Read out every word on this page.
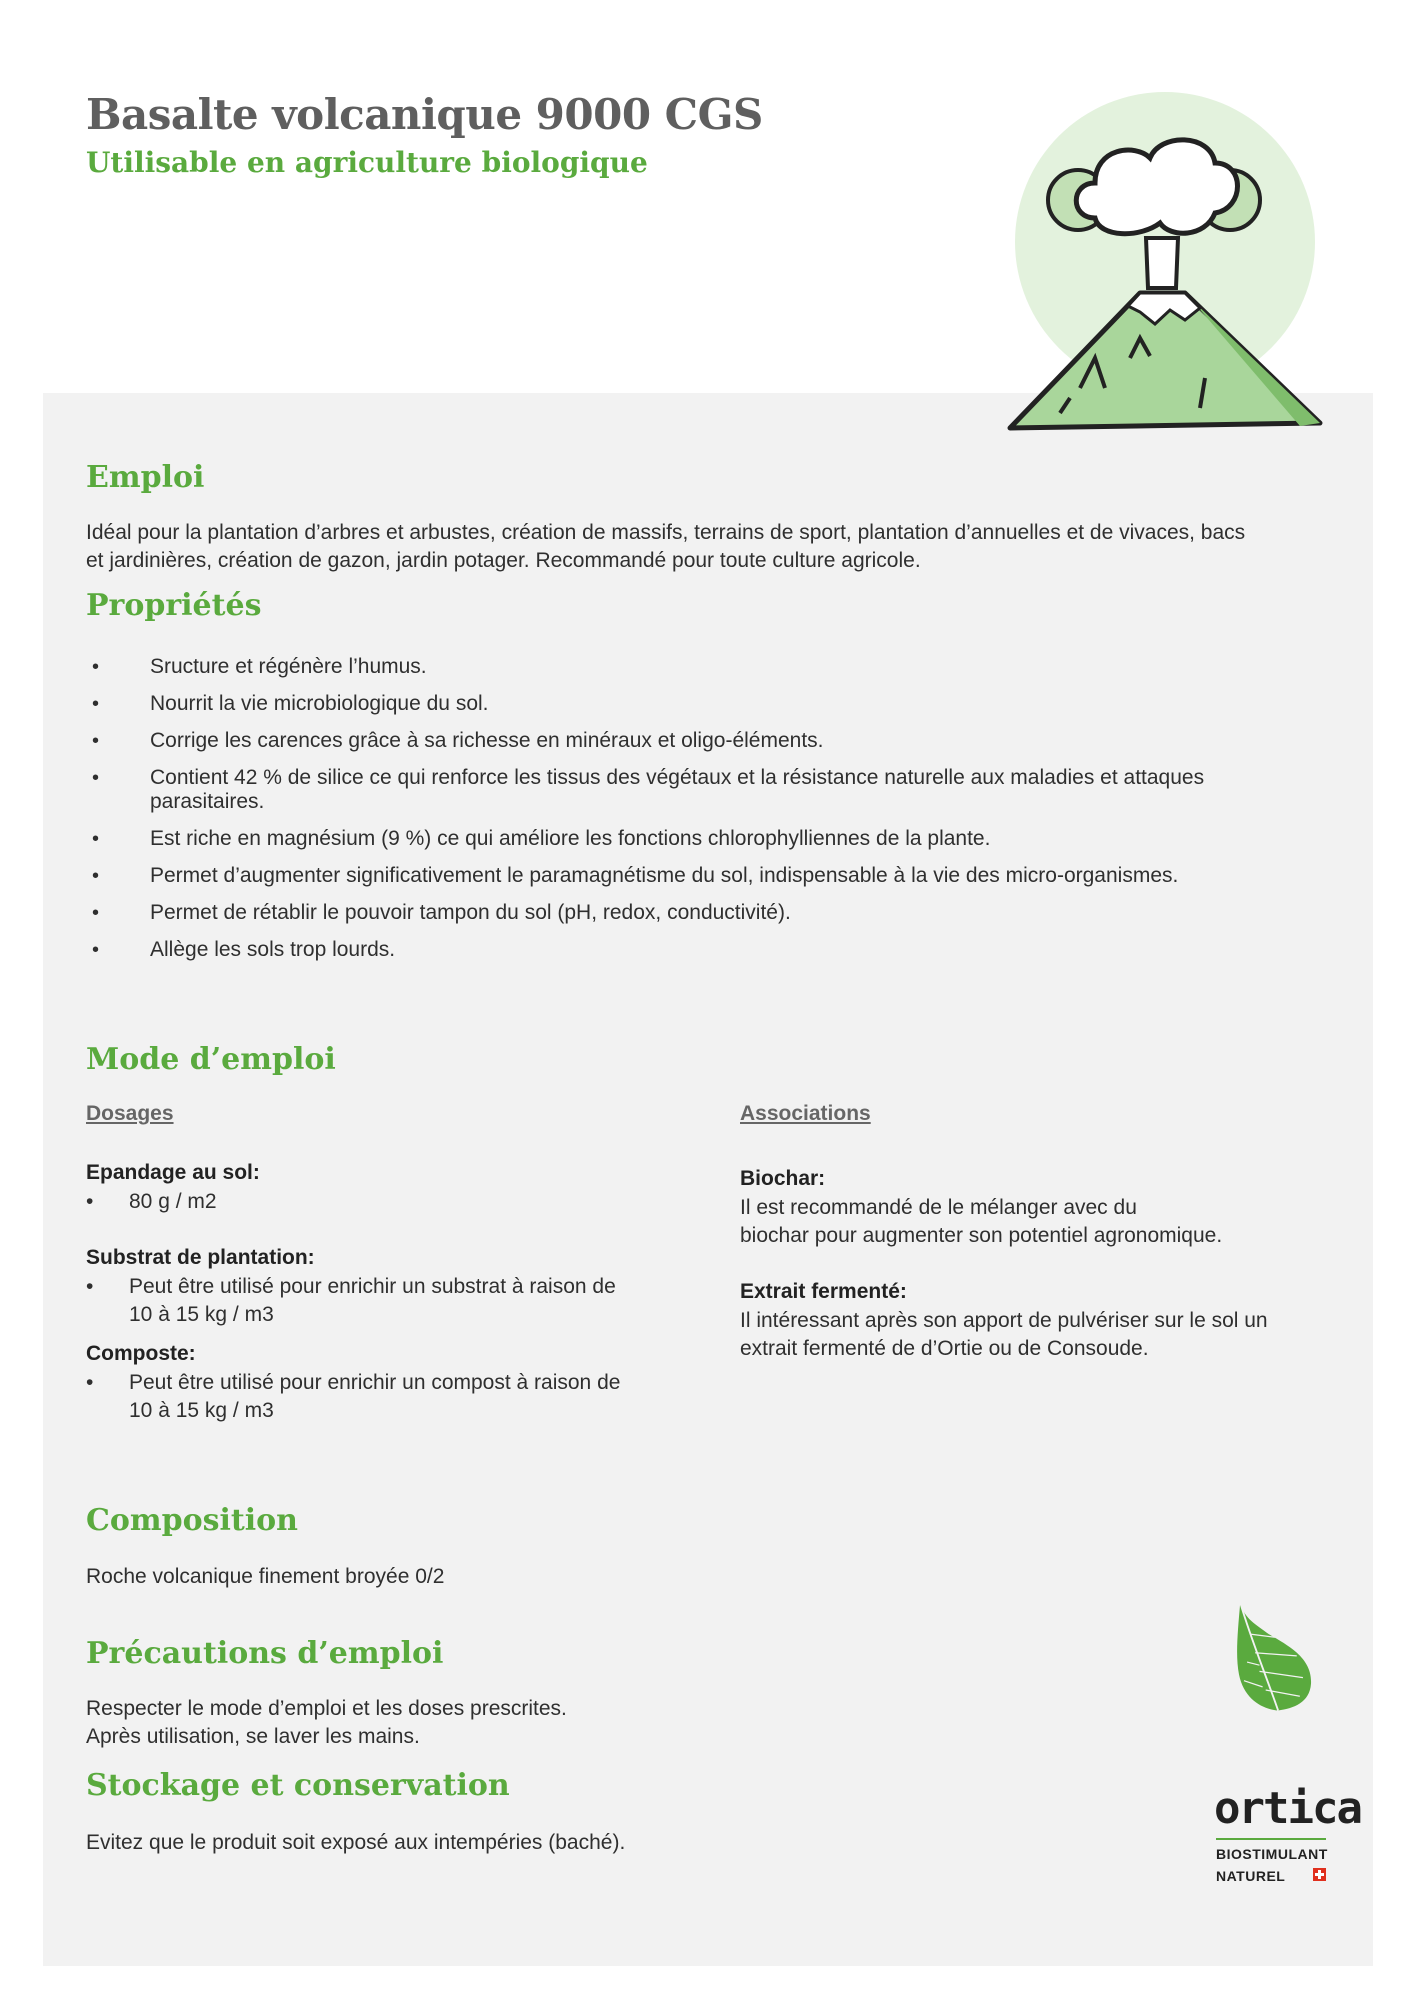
Basalte volcanique 9000 CGS
Utilisable en agriculture biologique
Emploi

Idéal pour la plantation d’arbres et arbustes, création de massifs, terrains de sport, plantation d’annuelles et de vivaces, bacs

et jardinières, création de gazon, jardin potager. Recommandé pour toute culture agricole.

Propriétés
• Sructure et régénère l’humus.
• Nourrit la vie microbiologique du sol.
• Corrige les carences grâce à sa richesse en minéraux et oligo-éléments.
• Contient 42 % de silice ce qui renforce les tissus des végétaux et la résistance naturelle aux maladies et attaques parasitaires.
• Est riche en magnésium (9 %) ce qui améliore les fonctions chlorophylliennes de la plante.
• Permet d’augmenter significativement le paramagnétisme du sol, indispensable à la vie des micro-organismes.
• Permet de rétablir le pouvoir tampon du sol (pH, redox, conductivité).
• Allège les sols trop lourds.
Mode d’emploi
Dosages
Epandage au sol:
• 80 g / m2
Substrat de plantation:
• Peut être utilisé pour enrichir un substrat à raison de
10 à 15 kg / m3
Composte:
• Peut être utilisé pour enrichir un compost à raison de
10 à 15 kg / m3
Associations
Biochar:
Il est recommandé de le mélanger avec du
biochar pour augmenter son potentiel agronomique.
Extrait fermenté:
Il intéressant après son apport de pulvériser sur le sol un
extrait fermenté de d’Ortie ou de Consoude.
Composition

Roche volcanique finement broyée 0/2

Précautions d’emploi

Respecter le mode d’emploi et les doses prescrites.

Après utilisation, se laver les mains.

Stockage et conservation

Evitez que le produit soit exposé aux intempéries (baché).

ortica
BIOSTIMULANT
NATUREL
